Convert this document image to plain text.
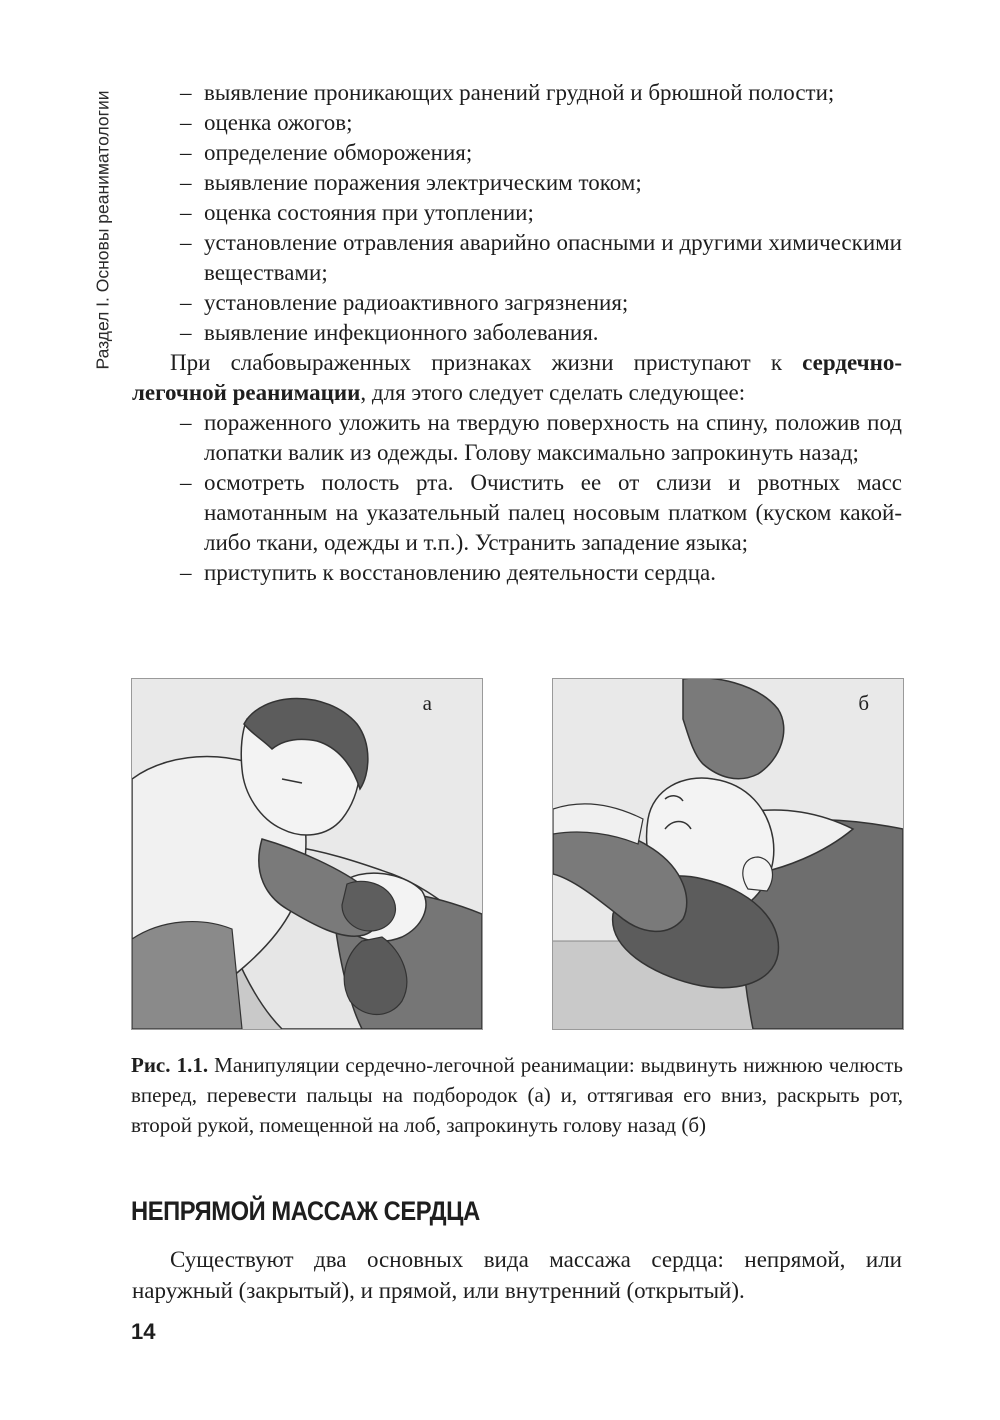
Раздел I. Основы реаниматологии	– выявление проникающих ранений грудной и брюшной полости;

– оценка ожогов;

– определение обморожения;

– выявление поражения электрическим током;

– оценка состояния при утоплении;

– установление отравления аварийно опасными и другими химическими веществами;

– установление радиоактивного загрязнения;

– выявление инфекционного заболевания.

При слабовыраженных признаках жизни приступают к сердечно-легочной реанимации, для этого следует сделать следующее:

– пораженного уложить на твердую поверхность на спину, положив под лопатки валик из одежды. Голову максимально запрокинуть назад;

– осмотреть полость рта. Очистить ее от слизи и рвотных масс намотанным на указательный палец носовым платком (куском какой-либо ткани, одежды и т.п.). Устранить западение языка;

– приступить к восстановлению деятельности сердца.

а	б

Рис. 1.1. Манипуляции сердечно-легочной реанимации: выдвинуть нижнюю челюсть вперед, перевести пальцы на подбородок (а) и, оттягивая его вниз, раскрыть рот, второй рукой, помещенной на лоб, запрокинуть голову назад (б)

НЕПРЯМОЙ МАССАЖ СЕРДЦА

Существуют два основных вида массажа сердца: непрямой, или наружный (закрытый), и прямой, или внутренний (открытый).

14
